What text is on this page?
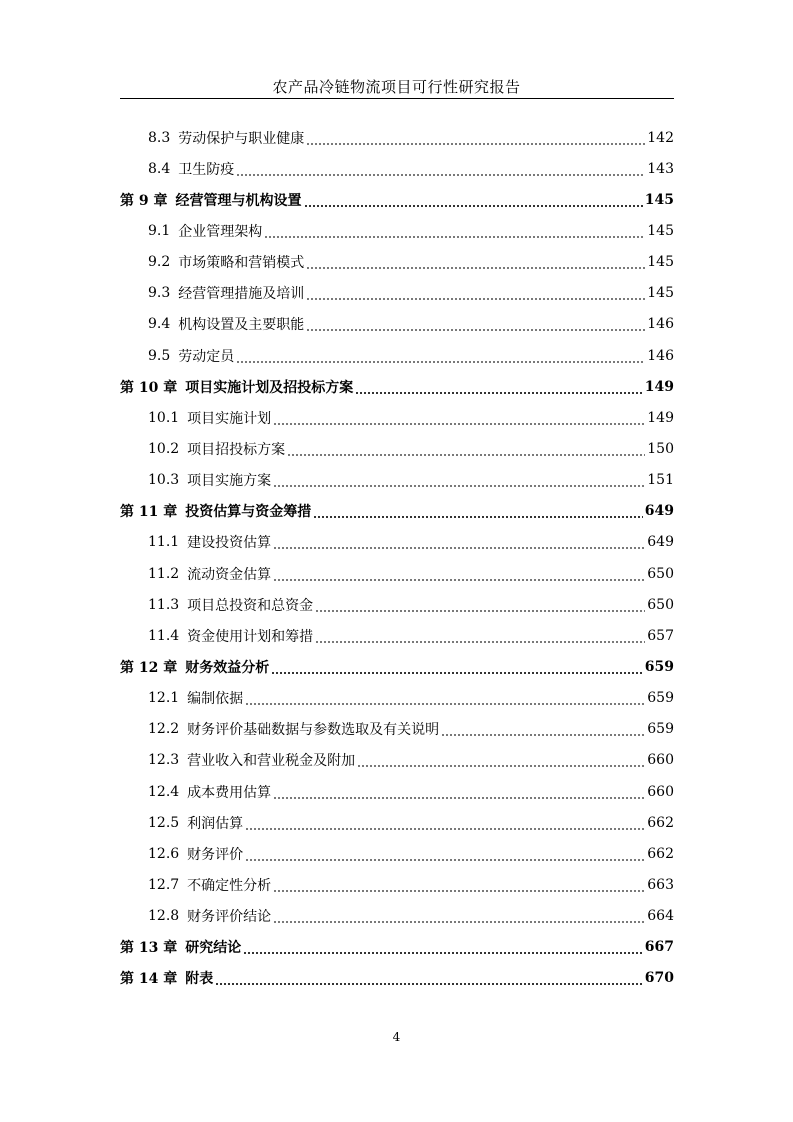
农产品冷链物流项目可行性研究报告
8.3 劳动保护与职业健康	142
8.4 卫生防疫	143
第 9 章 经营管理与机构设置	145
9.1 企业管理架构	145
9.2 市场策略和营销模式	145
9.3 经营管理措施及培训	145
9.4 机构设置及主要职能	146
9.5 劳动定员	146
第 10 章 项目实施计划及招投标方案	149
10.1 项目实施计划	149
10.2 项目招投标方案	150
10.3 项目实施方案	151
第 11 章 投资估算与资金筹措	649
11.1 建设投资估算	649
11.2 流动资金估算	650
11.3 项目总投资和总资金	650
11.4 资金使用计划和筹措	657
第 12 章 财务效益分析	659
12.1 编制依据	659
12.2 财务评价基础数据与参数选取及有关说明	659
12.3 营业收入和营业税金及附加	660
12.4 成本费用估算	660
12.5 利润估算	662
12.6 财务评价	662
12.7 不确定性分析	663
12.8 财务评价结论	664
第 13 章 研究结论	667
第 14 章 附表	670
4
